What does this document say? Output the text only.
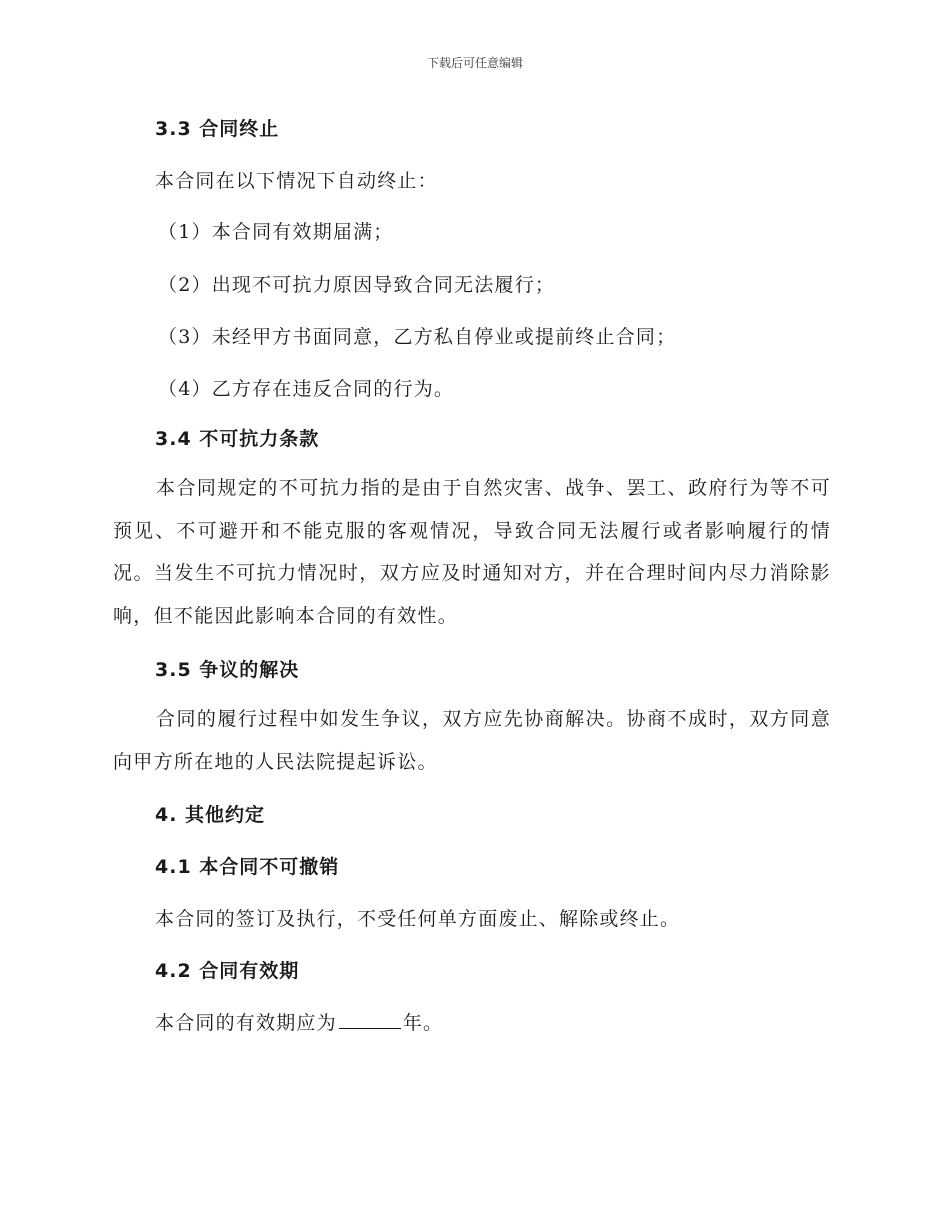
下载后可任意编辑
3.3 合同终止
本合同在以下情况下自动终止：
（1）本合同有效期届满；
（2）出现不可抗力原因导致合同无法履行；
（3）未经甲方书面同意，乙方私自停业或提前终止合同；
（4）乙方存在违反合同的行为。
3.4 不可抗力条款
本合同规定的不可抗力指的是由于自然灾害、战争、罢工、政府行为等不可预见、不可避开和不能克服的客观情况，导致合同无法履行或者影响履行的情况。当发生不可抗力情况时，双方应及时通知对方，并在合理时间内尽力消除影响，但不能因此影响本合同的有效性。
3.5 争议的解决
合同的履行过程中如发生争议，双方应先协商解决。协商不成时，双方同意向甲方所在地的人民法院提起诉讼。
4. 其他约定
4.1 本合同不可撤销
本合同的签订及执行，不受任何单方面废止、解除或终止。
4.2 合同有效期
本合同的有效期应为	年。
